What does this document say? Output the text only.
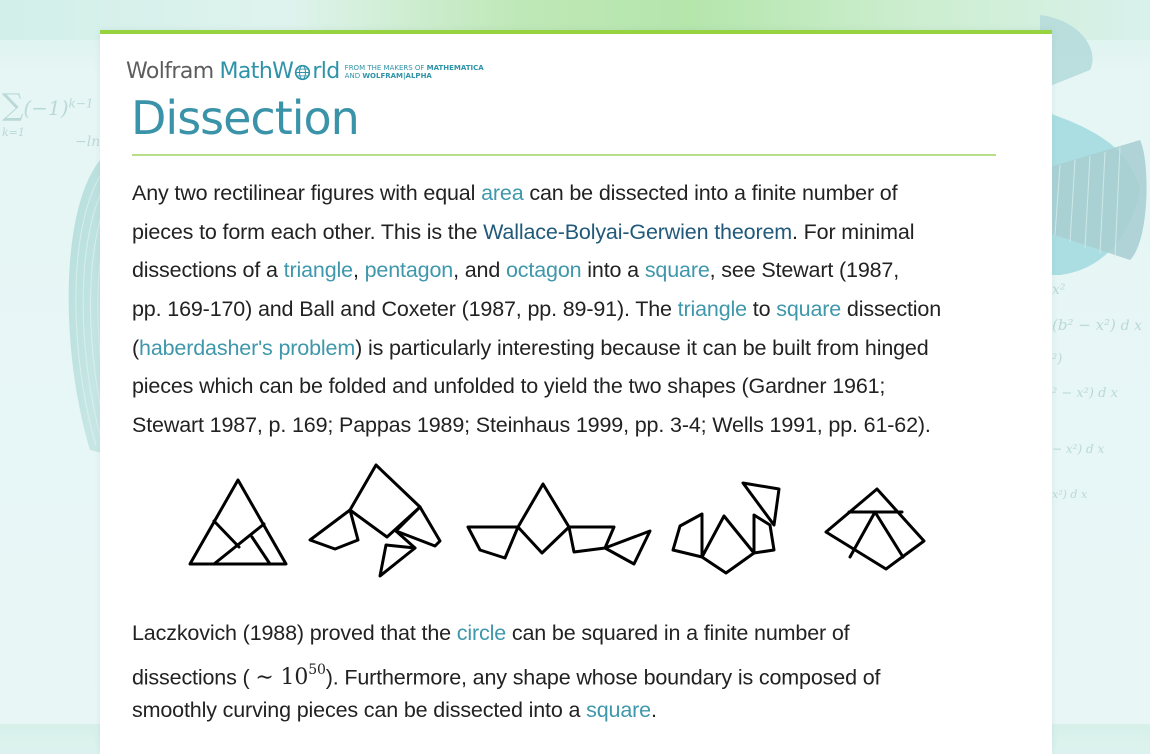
$\sum(-1)^{k-1}$
k=1
−ln
x²
(b² − x²) d x
²)
² − x²) d x
− x²) d x
x²) d x
Wolfram MathW rld FROM THE MAKERS OF MATHEMATICA
AND WOLFRAM|ALPHA
Dissection
Any two rectilinear figures with equal area can be dissected into a finite number of
pieces to form each other. This is the Wallace-Bolyai-Gerwien theorem. For minimal
dissections of a triangle, pentagon, and octagon into a square, see Stewart (1987,
pp. 169-170) and Ball and Coxeter (1987, pp. 89-91). The triangle to square dissection
(haberdasher's problem) is particularly interesting because it can be built from hinged
pieces which can be folded and unfolded to yield the two shapes (Gardner 1961;
Stewart 1987, p. 169; Pappas 1989; Steinhaus 1999, pp. 3-4; Wells 1991, pp. 61-62).
Laczkovich (1988) proved that the circle can be squared in a finite number of
dissections ( ∼ $10^{50}$). Furthermore, any shape whose boundary is composed of
smoothly curving pieces can be dissected into a square.
